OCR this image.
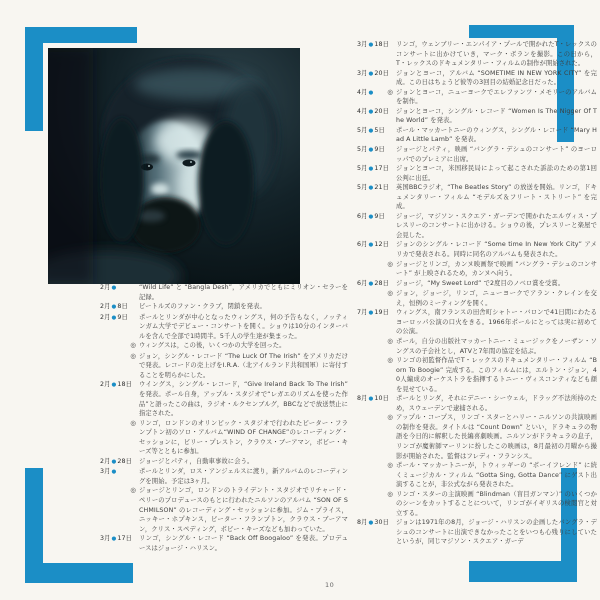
2月●	“Wild Life” と “Bangla Desh”，アメリカでともにミリオン・セラーを記録。
2月●8日 ビートルズのファン・クラブ，閉鎖を発表。
2月●9日 ポールとリンダが中心となったウィングス，何の予告もなく，ノッティンガム大学でデビュー・コンサートを開く。ショウは10分のインターバルを含んで全部で1時間半。5千人の学生達が集まった。
◎ ウィングスは，この後，いくつかの大学を回った。
◎ ジョン，シングル・レコード “The Luck Of The Irish” をアメリカだけで発表。レコードの売上げをI.R.A.（北アイルランド共和国軍）に寄付することを明らかにした。
2月●18日 ウイングス，シングル・レコード，“Give Ireland Back To The Irish” を発表。ポール自身，アップル・スタジオで“レガエのリズムを使った作品”と語ったこの曲は，ラジオ・ルクセンブルグ，BBCなどで放送禁止に指定された。
◎ リンゴ，ロンドンのオリンピック・スタジオで行われたピーター・フランプトン初のソロ・アルバム“WIND OF CHANGE”のレコーディング・セッションに，ビリー・プレストン，クラウス・ブーアマン，ボビー・キーズ等とともに参加。
2月●28日 ジョージとパティ，自動車事故に会う。
3月●	ポールとリンダ，ロス・アンジェルスに渡り，新アルバムのレコーディングを開始。予定は3ヶ月。
◎ ジョージとリンゴ，ロンドンのトライデント・スタジオでリチャード・ペリーのプロデュースのもとに行われたニルソンのアルバム “SON OF SCHMILSON” のレコーディング・セッションに参加。ジム・プライス，ニッキー・ホプキンス，ピーター・フランプトン，クラウス・ブーアマン，クリス・スペディング，ボビー・キーズなども加わっていた。
3月●17日 リンゴ，シングル・レコード “Back Off Boogaloo” を発表。プロデュースはジョージ・ハリスン。
3月●18日 リンゴ，ウェンブリー・エンパイア・プールで開かれたT・レックスのコンサートに出かけていき，マーク・ボランを撮影。この日から，T・レックスのドキュメンタリー・フィルムの制作が開始された。
3月●20日 ジョンとヨーコ，アルバム “SOMETIME IN NEW YORK CITY” を完成。この日はちょうど彼等の3回目の結婚記念日だった。
4月● ◎ ジョンとヨーコ，ニューヨークでエレファンツ・メモリーのアルバムを制作。
4月●20日 ジョンとヨーコ，シングル・レコード “Women Is The Nigger Of The World” を発表。
5月●5日 ポール・マッカートニーのウィングス，シングル・レコード “Mary Had A Little Lamb” を発表。
5月●9日 ジョージとパティ，映画 “バングラ・デシュのコンサート” のヨーロッパでのプレミアに出席。
5月●17日 ジョンとヨーコ，米国移民局によって起こされた訴訟のための第1回公判に出廷。
5月●21日 英国BBCラジオ，“The Beatles Story” の放送を開始。リンゴ，ドキュメンタリー・フィルム “モデルズ＆フリート・ストリート” を完成。
6月●9日 ジョージ，マジソン・スクエア・ガーデンで開かれたエルヴィス・プレスリーのコンサートに出かける。ショウの後，プレスリーと楽屋で会見した。
6月●12日 ジョンのシングル・レコード “Some time In New York City” アメリカで発表される。同時に同名のアルバムも発表された。
◎ ジョージとリンゴ，カンヌ映画祭で映画 “バングラ・デシュのコンサート” が上映されるため，カンヌへ向う。
6月●28日 ジョージ，“My Sweet Lord” で2度目のノベロ賞を受賞。
◎ ジョン，ジョージ，リンゴ，ニューヨークでアラン・クレインを交え，恒例のミーティングを開く。
7月●19日 ウィングス，南フランスの田舎町シャトー・バロンで41日間にわたるヨーロッパ公演の口火をきる。1966年ポールにとっては実に初めての公演。
◎ ポール，自分の出版社マッカートニー・ミュージックをノーザン・ソングスの子会社とし，ATVと7年間の協定を結ぶ。
◎ リンゴの初監督作品でT・レックスのドキュメンタリー・フィルム “Born To Boogie” 完成する。このフィルムには，エルトン・ジョン，40人編成のオーケストラを指揮するトニー・ヴィスコンティなども顔を見せている。
8月●10日 ポールとリンダ，それにデニー・シーウェル，ドラッグ不法所持のため，スウェーデンで逮捕される。
◎ アップル・コープス，リンゴ・スターとハリー・ニルソンの共演映画の制作を発表。タイトルは “Count Down” といい，ドラキュラの物語を今日的に解釈した長編喜劇映画。ニルソンがドラキュラの息子，リンゴが魔術師マーリンに扮したこの映画は，8月最初の月曜から撮影が開始された。監督はフレディ・フランシス。
◎ ポール・マッカートニーが，トウィッギーの “ボーイフレンド” に続くミュージカル・フィルム “Gotta Sing, Gotta Dance” にゲスト出演することが，非公式ながら発表された。
◎ リンゴ・スターの主演映画 “Blindman（盲目ガンマン）” のいくつかのシーンをカットすることについて，リンゴがイギリスの検閲官と対立する。
8月●30日 ジョンは1971年の8月，ジョージ・ハリスンの企画したバングラ・デシュのコンサートに出演できなかったことをいつも心残りにしていたというが，同じマジソン・スクエア・ガーデ
10
